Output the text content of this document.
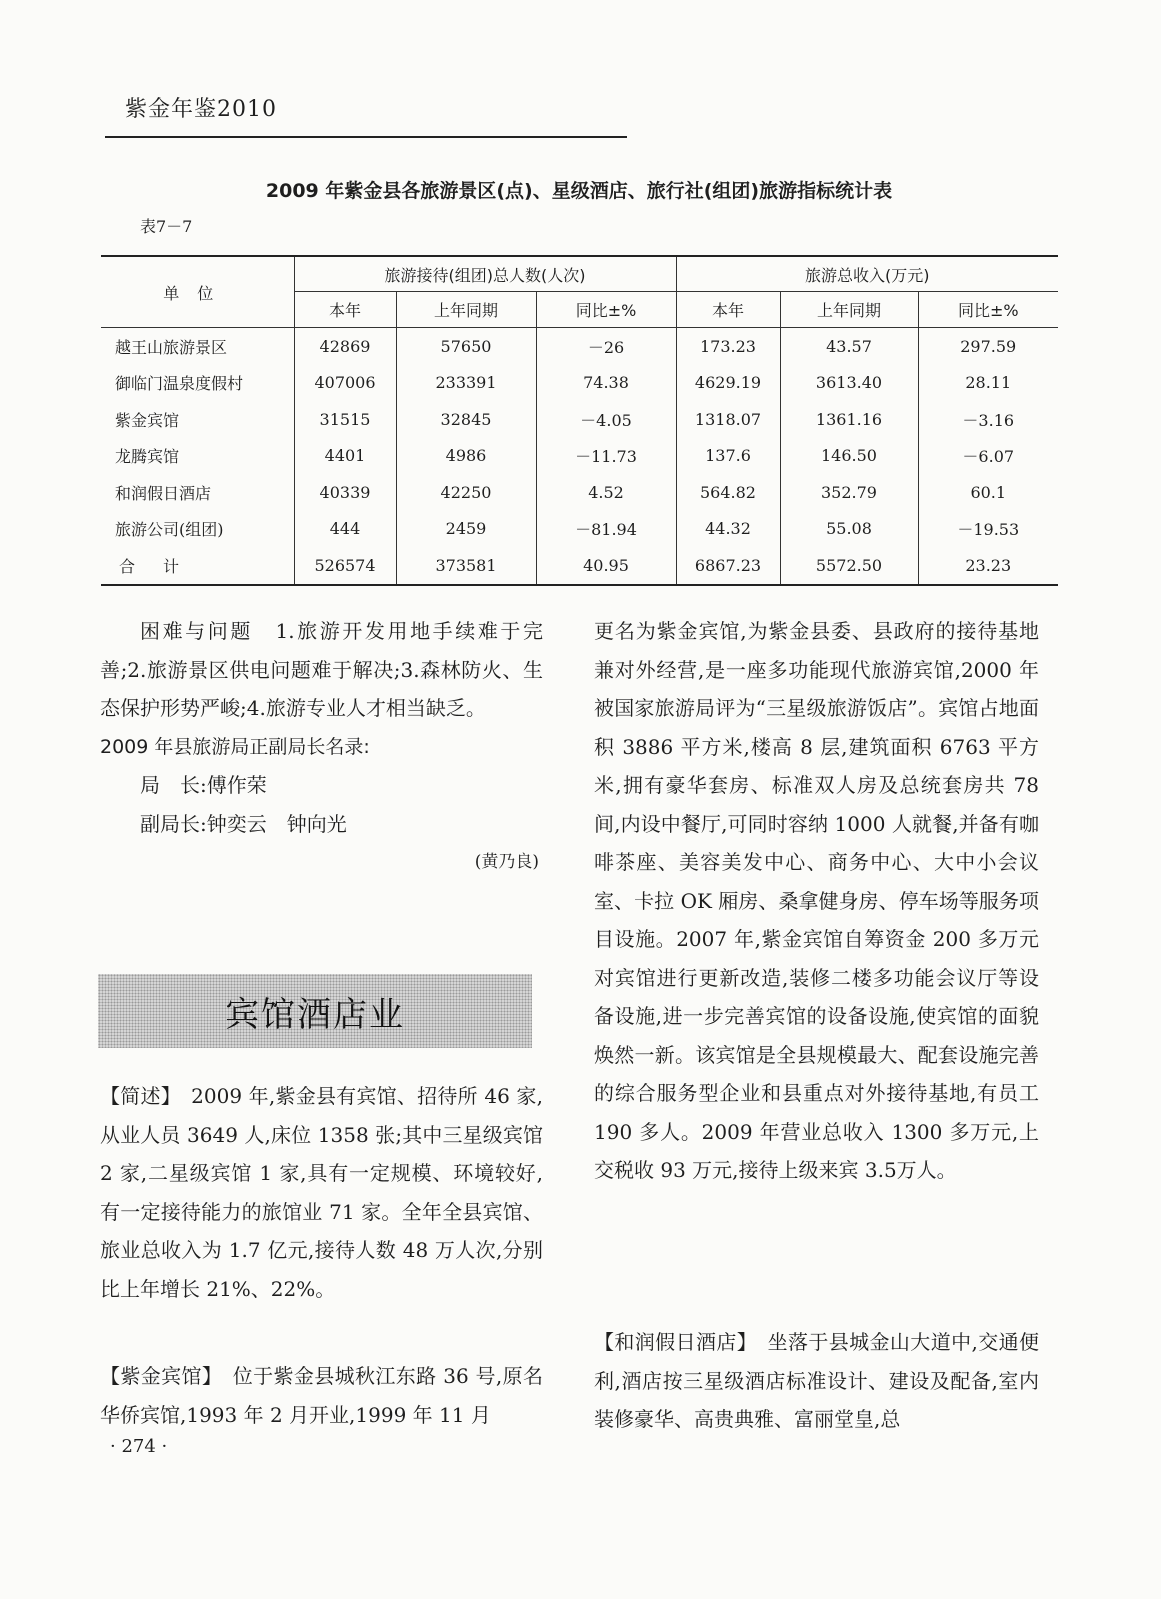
紫金年鉴2010
2009 年紫金县各旅游景区(点)、星级酒店、旅行社(组团)旅游指标统计表
表7－7
单位	旅游接待(组团)总人数(人次)			旅游总收入(万元)		
	本年	上年同期	同比±%	本年	上年同期	同比±%
越王山旅游景区	42869	57650	－26	173.23	43.57	297.59
御临门温泉度假村	407006	233391	74.38	4629.19	3613.40	28.11
紫金宾馆	31515	32845	－4.05	1318.07	1361.16	－3.16
龙腾宾馆	4401	4986	－11.73	137.6	146.50	－6.07
和润假日酒店	40339	42250	4.52	564.82	352.79	60.1
旅游公司(组团)	444	2459	－81.94	44.32	55.08	－19.53
合计	526574	373581	40.95	6867.23	5572.50	23.23

困难与问题　 1.旅游开发用地手续难于完善;2.旅游景区供电问题难于解决;3.森林防火、生态保护形势严峻;4.旅游专业人才相当缺乏。

2009 年县旅游局正副局长名录:

局　长:傅作荣

副局长:钟奕云　钟向光

(黄乃良)

宾馆酒店业

【简述】　 2009 年,紫金县有宾馆、招待所 46 家,从业人员 3649 人,床位 1358 张;其中三星级宾馆 2 家,二星级宾馆 1 家,具有一定规模、环境较好,有一定接待能力的旅馆业 71 家。全年全县宾馆、旅业总收入为 1.7 亿元,接待人数 48 万人次,分别比上年增长 21%、22%。

【紫金宾馆】　 位于紫金县城秋江东路 36 号,原名华侨宾馆,1993 年 2 月开业,1999 年 11 月

更名为紫金宾馆,为紫金县委、县政府的接待基地兼对外经营,是一座多功能现代旅游宾馆,2000 年被国家旅游局评为“三星级旅游饭店”。宾馆占地面积 3886 平方米,楼高 8 层,建筑面积 6763 平方米,拥有豪华套房、标准双人房及总统套房共 78 间,内设中餐厅,可同时容纳 1000 人就餐,并备有咖啡茶座、美容美发中心、商务中心、大中小会议室、卡拉 OK 厢房、桑拿健身房、停车场等服务项目设施。2007 年,紫金宾馆自筹资金 200 多万元对宾馆进行更新改造,装修二楼多功能会议厅等设备设施,进一步完善宾馆的设备设施,使宾馆的面貌焕然一新。该宾馆是全县规模最大、配套设施完善的综合服务型企业和县重点对外接待基地,有员工 190 多人。2009 年营业总收入 1300 多万元,上交税收 93 万元,接待上级来宾 3.5万人。

【和润假日酒店】　 坐落于县城金山大道中,交通便利,酒店按三星级酒店标准设计、建设及配备,室内装修豪华、高贵典雅、富丽堂皇,总

· 274 ·
